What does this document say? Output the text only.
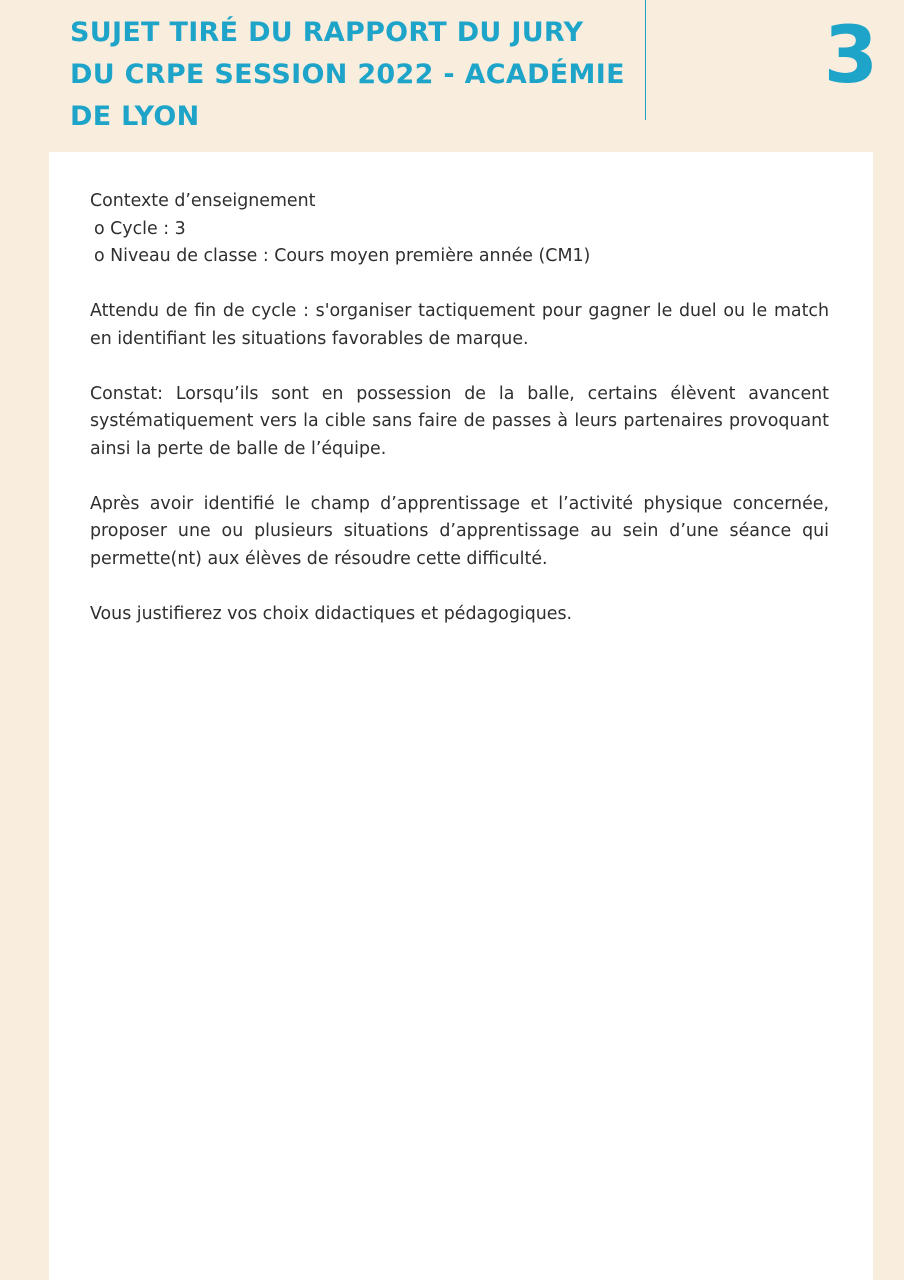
SUJET TIRÉ DU RAPPORT DU JURY DU CRPE SESSION 2022 - ACADÉMIE DE LYON
3

Contexte d’enseignement
o Cycle : 3
o Niveau de classe : Cours moyen première année (CM1)

Attendu de fin de cycle : s'organiser tactiquement pour gagner le duel ou le match en identifiant les situations favorables de marque.

Constat: Lorsqu’ils sont en possession de la balle, certains élèvent avancent systématiquement vers la cible sans faire de passes à leurs partenaires provoquant ainsi la perte de balle de l’équipe.

Après avoir identifié le champ d’apprentissage et l’activité physique concernée, proposer une ou plusieurs situations d’apprentissage au sein d’une séance qui permette(nt) aux élèves de résoudre cette difficulté.

Vous justifierez vos choix didactiques et pédagogiques.
